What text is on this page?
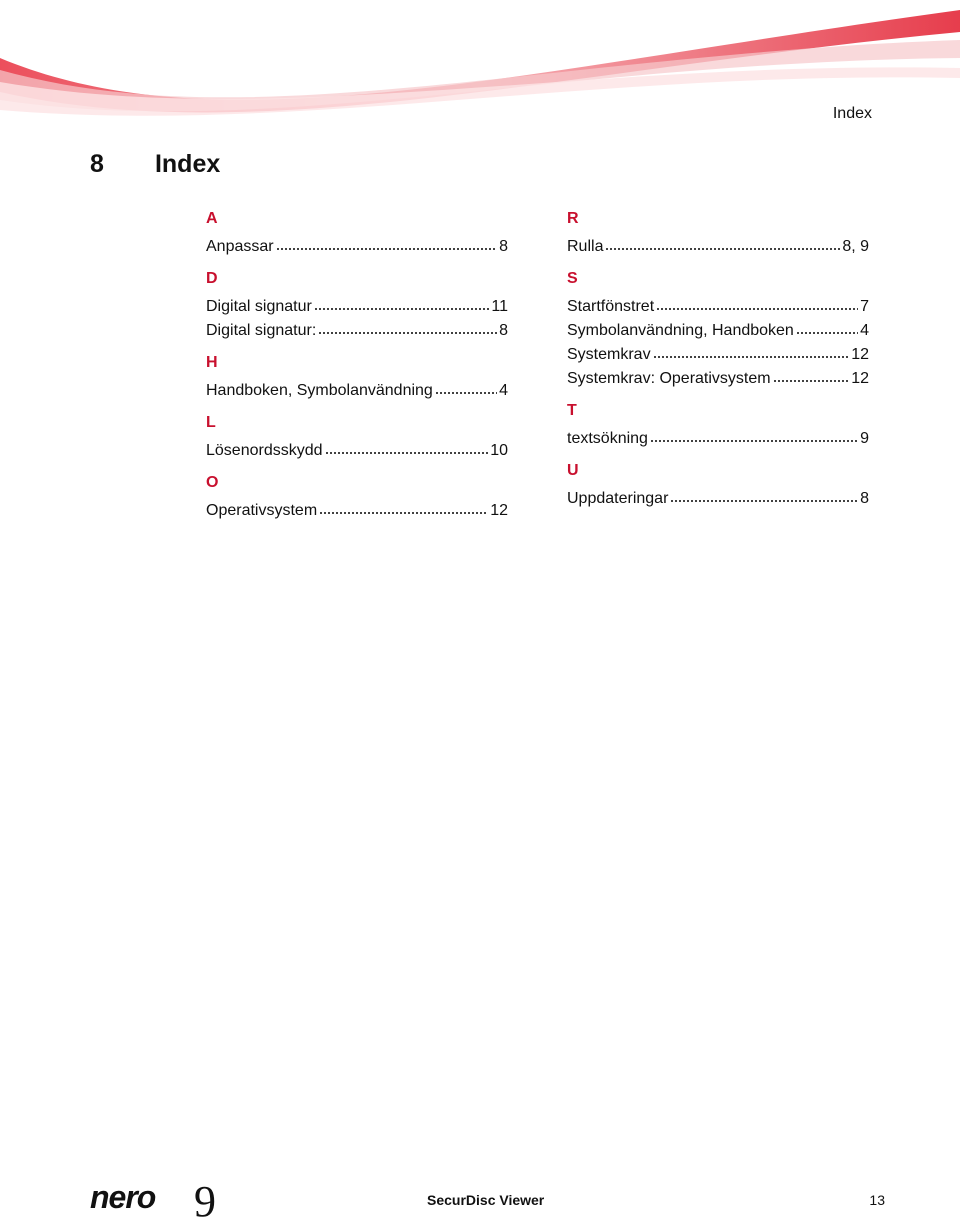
Index
8 Index
A
Anpassar	8
D
Digital signatur	11
Digital signatur:	8
H
Handboken, Symbolanvändning	4
L
Lösenordsskydd	10
O
Operativsystem	12
R
Rulla	8, 9
S
Startfönstret	7
Symbolanvändning, Handboken	4
Systemkrav	12
Systemkrav: Operativsystem	12
T
textsökning	9
U
Uppdateringar	8
nero 9	SecurDisc Viewer	13
